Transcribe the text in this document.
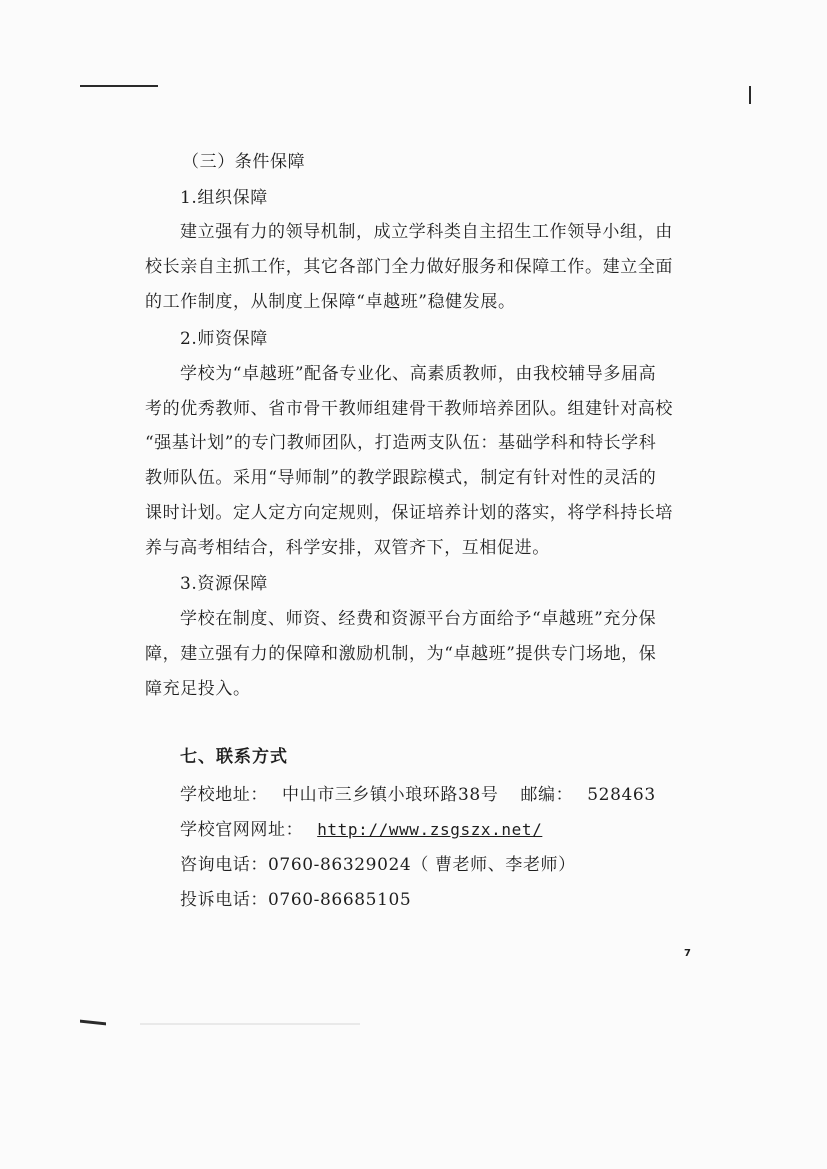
（三）条件保障
1.组织保障
建立强有力的领导机制，成立学科类自主招生工作领导小组，由
校长亲自主抓工作，其它各部门全力做好服务和保障工作。建立全面
的工作制度，从制度上保障“卓越班”稳健发展。
2.师资保障
学校为“卓越班”配备专业化、高素质教师，由我校辅导多届高
考的优秀教师、省市骨干教师组建骨干教师培养团队。组建针对高校
“强基计划”的专门教师团队，打造两支队伍：基础学科和特长学科
教师队伍。采用“导师制”的教学跟踪模式，制定有针对性的灵活的
课时计划。定人定方向定规则，保证培养计划的落实，将学科持长培
养与高考相结合，科学安排，双管齐下，互相促进。
3.资源保障
学校在制度、师资、经费和资源平台方面给予“卓越班”充分保
障，建立强有力的保障和激励机制，为“卓越班”提供专门场地，保
障充足投入。
七、联系方式
学校地址： 中山市三乡镇小琅环路38号 邮编： 528463
学校官网网址： http://www.zsgszx.net/
咨询电话：0760-86329024（ 曹老师、李老师）
投诉电话：0760-86685105
7
